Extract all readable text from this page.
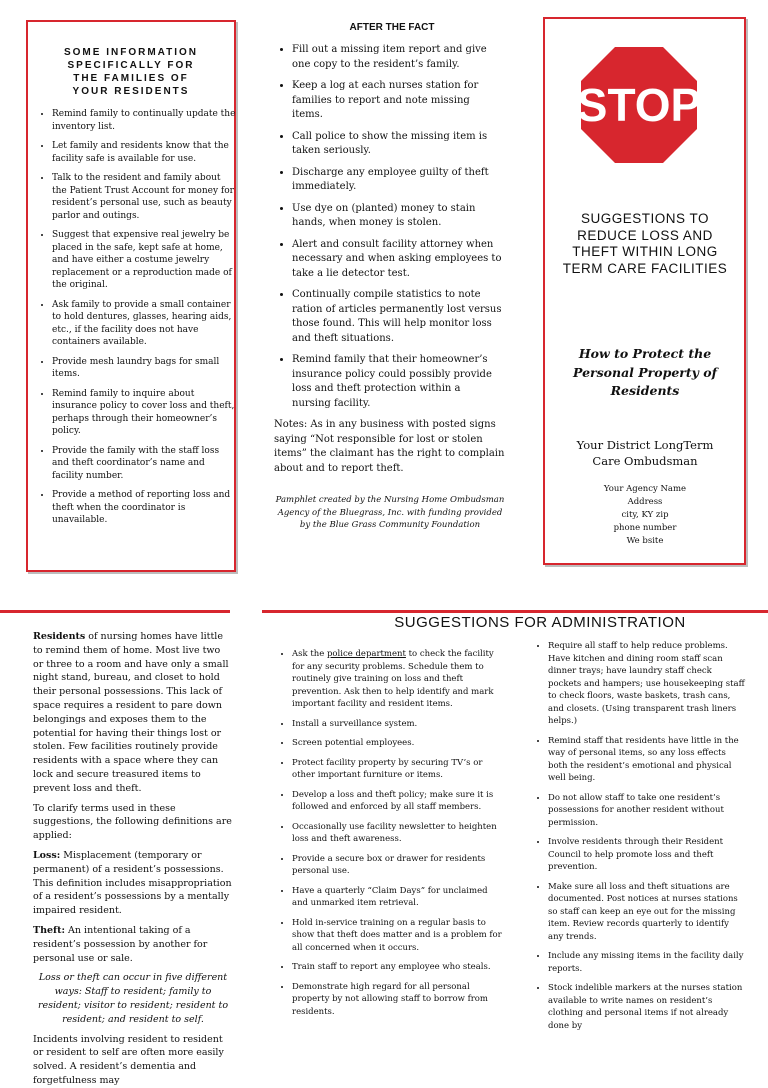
SOME INFORMATION SPECIFICALLY FOR THE FAMILIES OF YOUR RESIDENTS
• Remind family to continually update the inventory list.
• Let family and residents know that the facility safe is available for use.
• Talk to the resident and family about the Patient Trust Account for money for resident’s personal use, such as beauty parlor and outings.
• Suggest that expensive real jewelry be placed in the safe, kept safe at home, and have either a costume jewelry replacement or a reproduction made of the original.
• Ask family to provide a small container to hold dentures, glasses, hearing aids, etc., if the facility does not have containers available.
• Provide mesh laundry bags for small items.
• Remind family to inquire about insurance policy to cover loss and theft, perhaps through their homeowner’s policy.
• Provide the family with the staff loss and theft coordinator’s name and facility number.
• Provide a method of reporting loss and theft when the coordinator is unavailable.
AFTER THE FACT
• Fill out a missing item report and give one copy to the resident’s family.
• Keep a log at each nurses station for families to report and note missing items.
• Call police to show the missing item is taken seriously.
• Discharge any employee guilty of theft immediately.
• Use dye on (planted) money to stain hands, when money is stolen.
• Alert and consult facility attorney when necessary and when asking employees to take a lie detector test.
• Continually compile statistics to note ration of articles permanently lost versus those found. This will help monitor loss and theft situations.
• Remind family that their homeowner’s insurance policy could possibly provide loss and theft protection within a nursing facility.
Notes: As in any business with posted signs saying “Not responsible for lost or stolen items” the claimant has the right to complain about and to report theft.
Pamphlet created by the Nursing Home Ombudsman Agency of the Bluegrass, Inc. with funding provided by the Blue Grass Community Foundation
STOP
SUGGESTIONS TO REDUCE LOSS AND THEFT WITHIN LONG TERM CARE FACILITIES
How to Protect the Personal Property of Residents
Your District LongTerm Care Ombudsman
Your Agency Name
Address
city, KY zip
phone number
We bsite
SUGGESTIONS FOR ADMINISTRATION

Residents of nursing homes have little to remind them of home. Most live two or three to a room and have only a small night stand, bureau, and closet to hold their personal possessions. This lack of space requires a resident to pare down belongings and exposes them to the potential for having their things lost or stolen. Few facilities routinely provide residents with a space where they can lock and secure treasured items to prevent loss and theft.

To clarify terms used in these suggestions, the following definitions are applied:

Loss: Misplacement (temporary or permanent) of a resident’s possessions. This definition includes misappropriation of a resident’s possessions by a mentally impaired resident.

Theft: An intentional taking of a resident’s possession by another for personal use or sale.

Loss or theft can occur in five different ways: Staff to resident; family to resident; visitor to resident; resident to resident; and resident to self.

Incidents involving resident to resident or resident to self are often more easily solved. A resident’s dementia and forgetfulness may

• Ask the police department to check the facility for any security problems. Schedule them to routinely give training on loss and theft prevention. Ask then to help identify and mark important facility and resident items.
• Install a surveillance system.
• Screen potential employees.
• Protect facility property by securing TV’s or other important furniture or items.
• Develop a loss and theft policy; make sure it is followed and enforced by all staff members.
• Occasionally use facility newsletter to heighten loss and theft awareness.
• Provide a secure box or drawer for residents personal use.
• Have a quarterly “Claim Days” for unclaimed and unmarked item retrieval.
• Hold in-service training on a regular basis to show that theft does matter and is a problem for all concerned when it occurs.
• Train staff to report any employee who steals.
• Demonstrate high regard for all personal property by not allowing staff to borrow from residents.
• Require all staff to help reduce problems. Have kitchen and dining room staff scan dinner trays; have laundry staff check pockets and hampers; use housekeeping staff to check floors, waste baskets, trash cans, and closets. (Using transparent trash liners helps.)
• Remind staff that residents have little in the way of personal items, so any loss effects both the resident’s emotional and physical well being.
• Do not allow staff to take one resident’s possessions for another resident without permission.
• Involve residents through their Resident Council to help promote loss and theft prevention.
• Make sure all loss and theft situations are documented. Post notices at nurses stations so staff can keep an eye out for the missing item. Review records quarterly to identify any trends.
• Include any missing items in the facility daily reports.
• Stock indelible markers at the nurses station available to write names on resident’s clothing and personal items if not already done by
